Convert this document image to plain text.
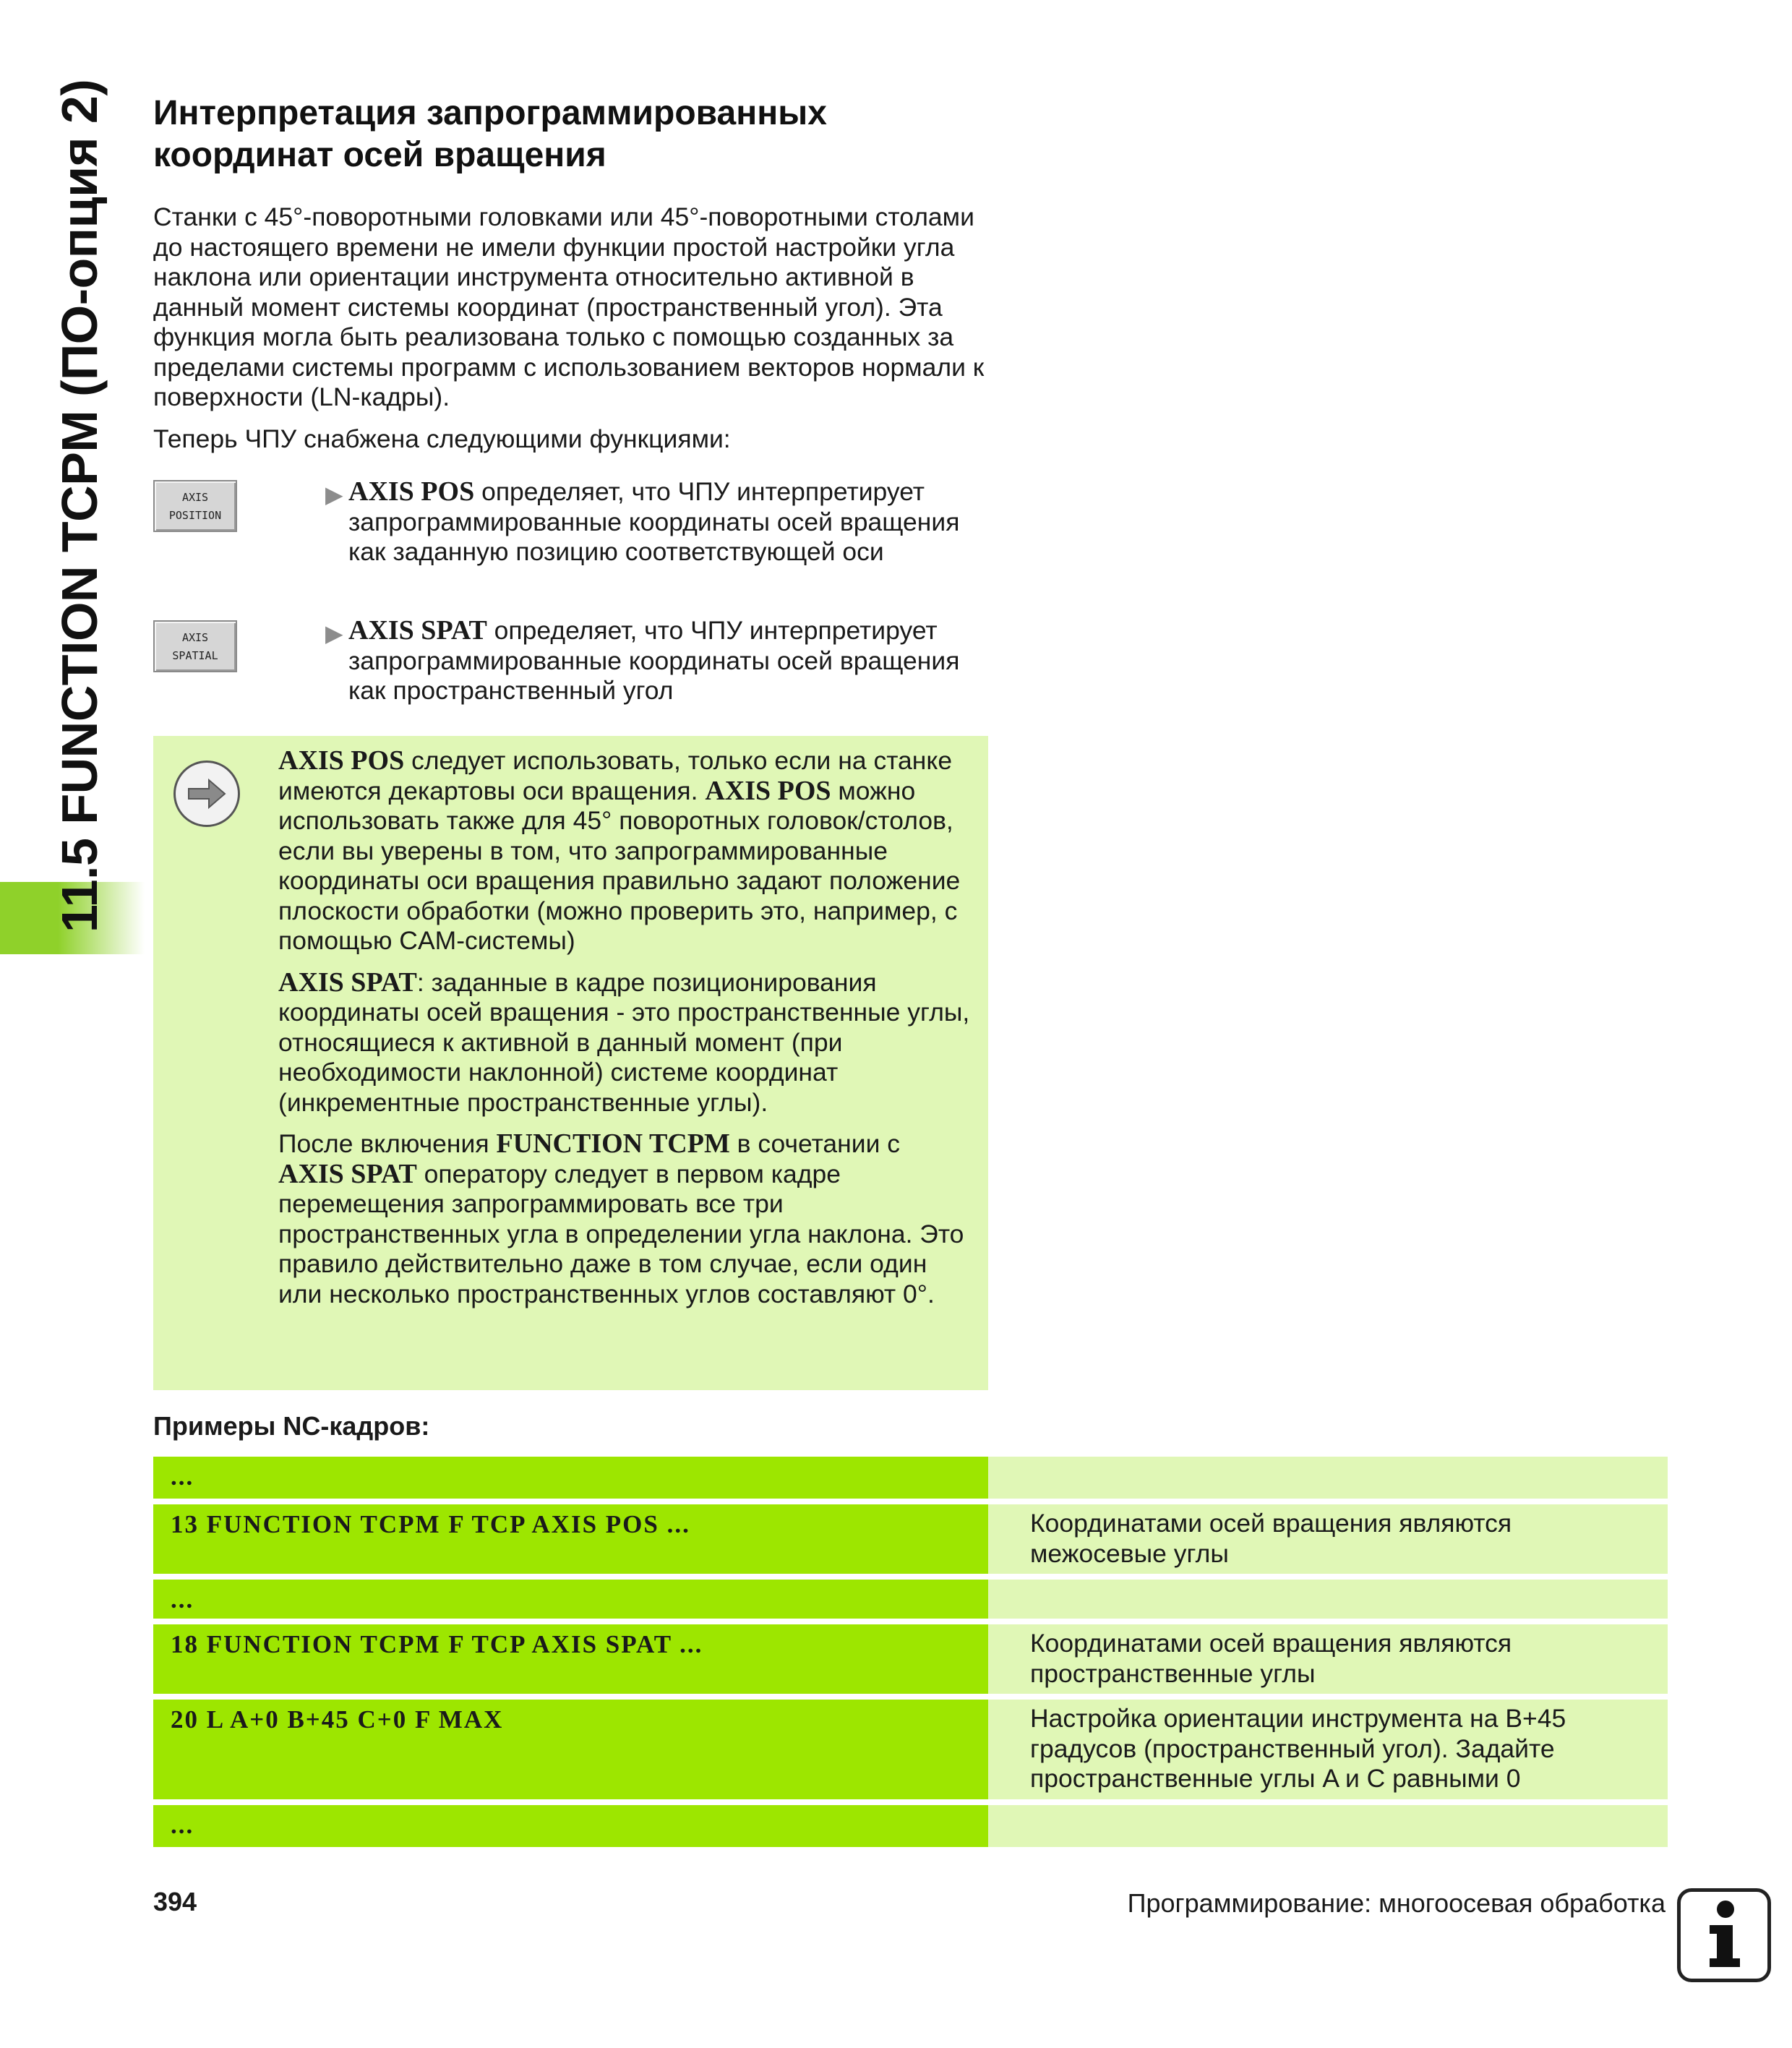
11.5 FUNCTION TCPM (ПО-опция 2) Интерпретация запрограммированных
координат осей вращения

Станки с 45°-поворотными головками или 45°-поворотными столами до настоящего времени не имели функции простой настройки угла наклона или ориентации инструмента относительно активной в данный момент системы координат (пространственный угол). Эта функция могла быть реализована только с помощью созданных за пределами системы программ с использованием векторов нормали к поверхности (LN-кадры).

Теперь ЧПУ снабжена следующими функциями:

AXIS
POSITION
▶ AXIS POS определяет, что ЧПУ интерпретирует запрограммированные координаты осей вращения как заданную позицию соответствующей оси
AXIS
SPATIAL
▶ AXIS SPAT определяет, что ЧПУ интерпретирует запрограммированные координаты осей вращения как пространственный угол

AXIS POS следует использовать, только если на станке имеются декартовы оси вращения. AXIS POS можно использовать также для 45° поворотных головок/столов, если вы уверены в том, что запрограммированные координаты оси вращения правильно задают положение плоскости обработки (можно проверить это, например, с помощью CAM-системы)

AXIS SPAT: заданные в кадре позиционирования координаты осей вращения - это пространственные углы, относящиеся к активной в данный момент (при необходимости наклонной) системе координат (инкрементные пространственные углы).

После включения FUNCTION TCPM в сочетании с AXIS SPAT оператору следует в первом кадре перемещения запрограммировать все три пространственных угла в определении угла наклона. Это правило действительно даже в том случае, если один или несколько пространственных углов составляют 0°.

Примеры NC-кадров:
...
13 FUNCTION TCPM F TCP AXIS POS ...	Координатами осей вращения являются межосевые углы
...
18 FUNCTION TCPM F TCP AXIS SPAT ...	Координатами осей вращения являются пространственные углы
20 L A+0 B+45 C+0 F MAX	Настройка ориентации инструмента на B+45 градусов (пространственный угол). Задайте пространственные углы A и C равными 0
...
394	Программирование: многоосевая обработка
